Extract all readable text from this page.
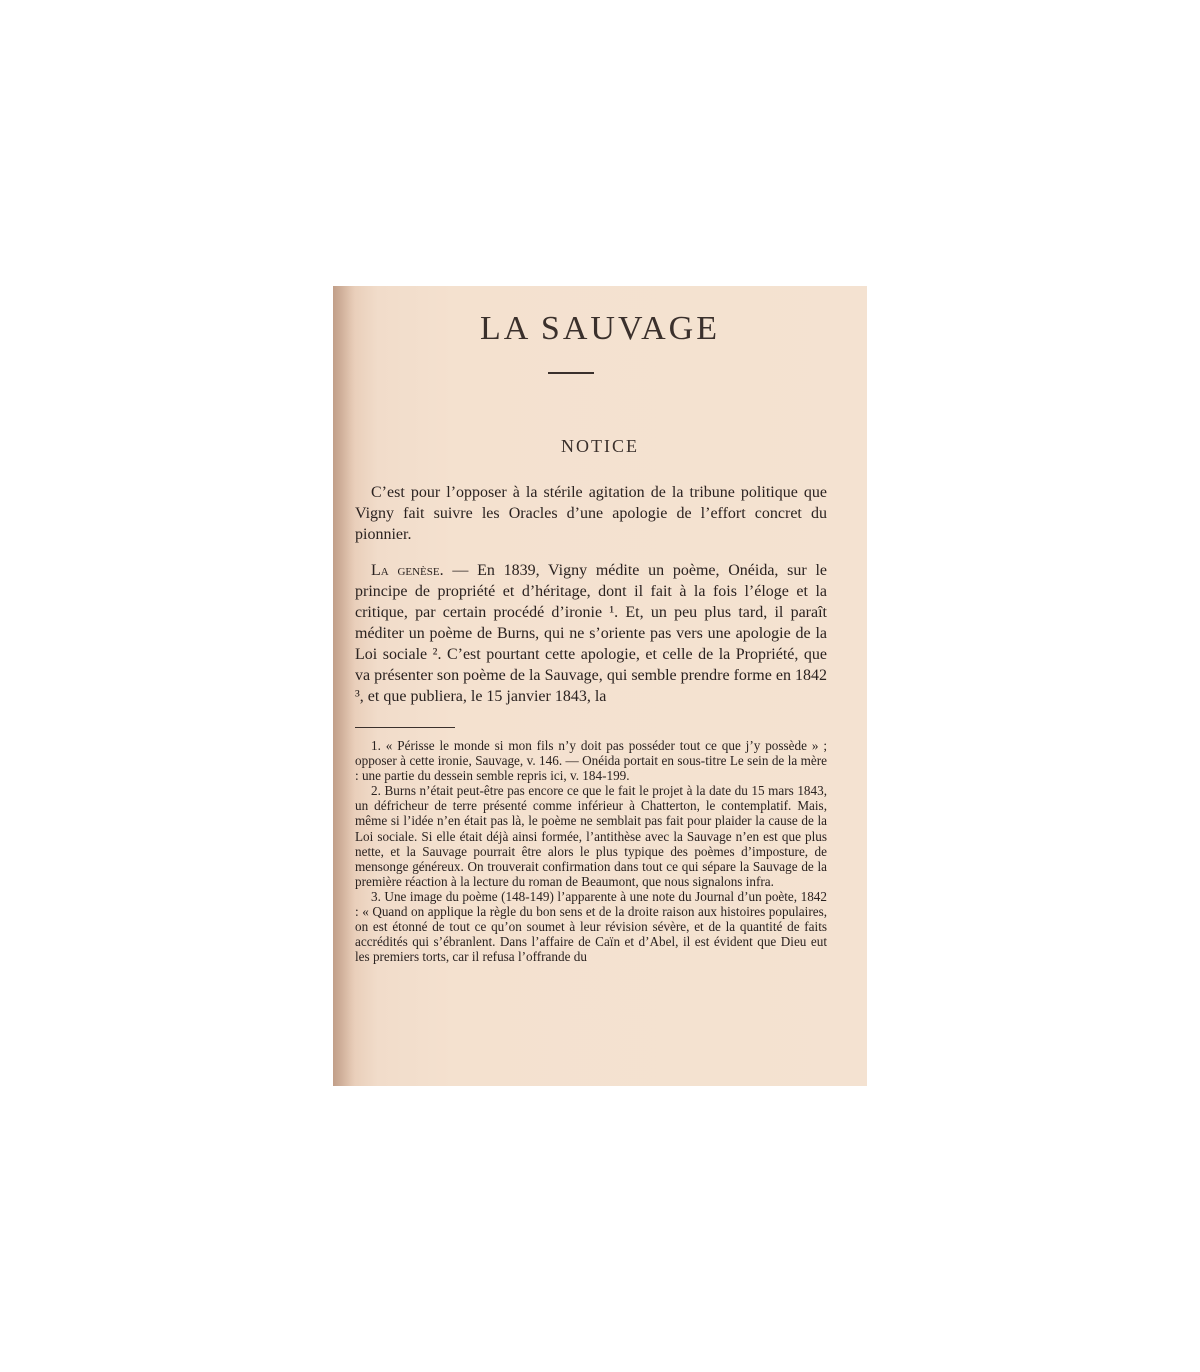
LA SAUVAGE
NOTICE

C’est pour l’opposer à la stérile agitation de la tribune politique que Vigny fait suivre les Oracles d’une apologie de l’effort concret du pionnier.

La genèse. — En 1839, Vigny médite un poème, Onéida, sur le principe de propriété et d’héritage, dont il fait à la fois l’éloge et la critique, par certain procédé d’ironie ¹. Et, un peu plus tard, il paraît méditer un poème de Burns, qui ne s’oriente pas vers une apologie de la Loi sociale ². C’est pourtant cette apologie, et celle de la Propriété, que va présenter son poème de la Sauvage, qui semble prendre forme en 1842 ³, et que publiera, le 15 janvier 1843, la

1. « Périsse le monde si mon fils n’y doit pas posséder tout ce que j’y possède » ; opposer à cette ironie, Sauvage, v. 146. — Onéida portait en sous-titre Le sein de la mère : une partie du dessein semble repris ici, v. 184-199.

2. Burns n’était peut-être pas encore ce que le fait le projet à la date du 15 mars 1843, un défricheur de terre présenté comme inférieur à Chatterton, le contemplatif. Mais, même si l’idée n’en était pas là, le poème ne semblait pas fait pour plaider la cause de la Loi sociale. Si elle était déjà ainsi formée, l’antithèse avec la Sauvage n’en est que plus nette, et la Sauvage pourrait être alors le plus typique des poèmes d’imposture, de mensonge généreux. On trouverait confirmation dans tout ce qui sépare la Sauvage de la première réaction à la lecture du roman de Beaumont, que nous signalons infra.

3. Une image du poème (148-149) l’apparente à une note du Journal d’un poète, 1842 : « Quand on applique la règle du bon sens et de la droite raison aux histoires populaires, on est étonné de tout ce qu’on soumet à leur révision sévère, et de la quantité de faits accrédités qui s’ébranlent. Dans l’affaire de Caïn et d’Abel, il est évident que Dieu eut les premiers torts, car il refusa l’offrande du
